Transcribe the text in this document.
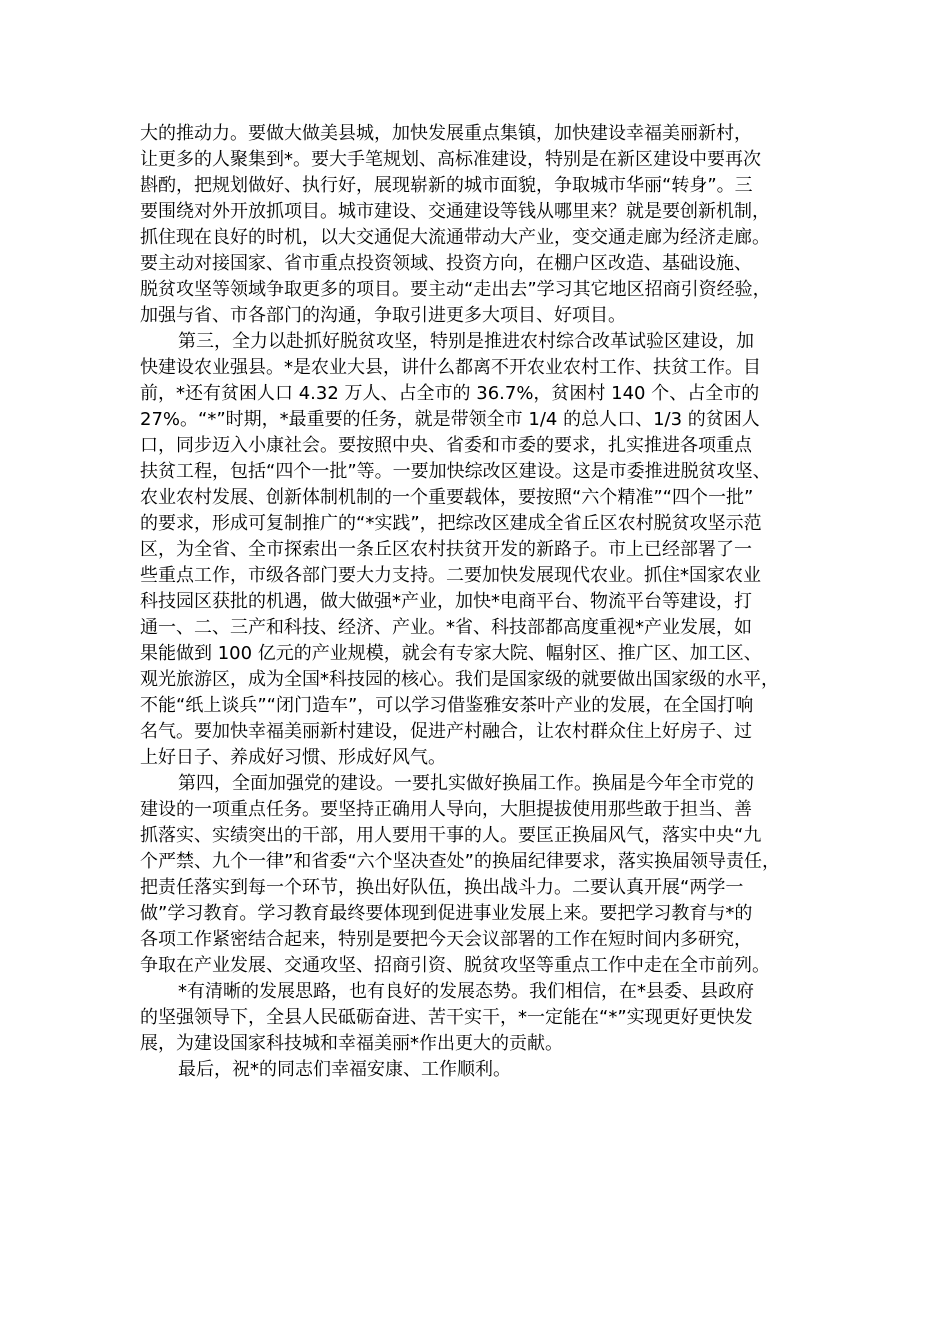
大的推动力。要做大做美县城，加快发展重点集镇，加快建设幸福美丽新村，
让更多的人聚集到*。要大手笔规划、高标准建设，特别是在新区建设中要再次
斟酌，把规划做好、执行好，展现崭新的城市面貌，争取城市华丽“转身”。三
要围绕对外开放抓项目。城市建设、交通建设等钱从哪里来？就是要创新机制，
抓住现在良好的时机，以大交通促大流通带动大产业，变交通走廊为经济走廊。
要主动对接国家、省市重点投资领域、投资方向，在棚户区改造、基础设施、
脱贫攻坚等领域争取更多的项目。要主动“走出去”学习其它地区招商引资经验，
加强与省、市各部门的沟通，争取引进更多大项目、好项目。
第三，全力以赴抓好脱贫攻坚，特别是推进农村综合改革试验区建设，加
快建设农业强县。*是农业大县，讲什么都离不开农业农村工作、扶贫工作。目
前，*还有贫困人口 4.32 万人、占全市的 36.7%，贫困村 140 个、占全市的
27%。“*”时期，*最重要的任务，就是带领全市 1/4 的总人口、1/3 的贫困人
口，同步迈入小康社会。要按照中央、省委和市委的要求，扎实推进各项重点
扶贫工程，包括“四个一批”等。一要加快综改区建设。这是市委推进脱贫攻坚、
农业农村发展、创新体制机制的一个重要载体，要按照“六个精准”“四个一批”
的要求，形成可复制推广的“*实践”，把综改区建成全省丘区农村脱贫攻坚示范
区，为全省、全市探索出一条丘区农村扶贫开发的新路子。市上已经部署了一
些重点工作，市级各部门要大力支持。二要加快发展现代农业。抓住*国家农业
科技园区获批的机遇，做大做强*产业，加快*电商平台、物流平台等建设，打
通一、二、三产和科技、经济、产业。*省、科技部都高度重视*产业发展，如
果能做到 100 亿元的产业规模，就会有专家大院、幅射区、推广区、加工区、
观光旅游区，成为全国*科技园的核心。我们是国家级的就要做出国家级的水平，
不能“纸上谈兵”“闭门造车”，可以学习借鉴雅安茶叶产业的发展，在全国打响
名气。要加快幸福美丽新村建设，促进产村融合，让农村群众住上好房子、过
上好日子、养成好习惯、形成好风气。
第四，全面加强党的建设。一要扎实做好换届工作。换届是今年全市党的
建设的一项重点任务。要坚持正确用人导向，大胆提拔使用那些敢于担当、善
抓落实、实绩突出的干部，用人要用干事的人。要匡正换届风气，落实中央“九
个严禁、九个一律”和省委“六个坚决查处”的换届纪律要求，落实换届领导责任，
把责任落实到每一个环节，换出好队伍，换出战斗力。二要认真开展“两学一
做”学习教育。学习教育最终要体现到促进事业发展上来。要把学习教育与*的
各项工作紧密结合起来，特别是要把今天会议部署的工作在短时间内多研究，
争取在产业发展、交通攻坚、招商引资、脱贫攻坚等重点工作中走在全市前列。
*有清晰的发展思路，也有良好的发展态势。我们相信，在*县委、县政府
的坚强领导下，全县人民砥砺奋进、苦干实干，*一定能在“*”实现更好更快发
展，为建设国家科技城和幸福美丽*作出更大的贡献。
最后，祝*的同志们幸福安康、工作顺利。
